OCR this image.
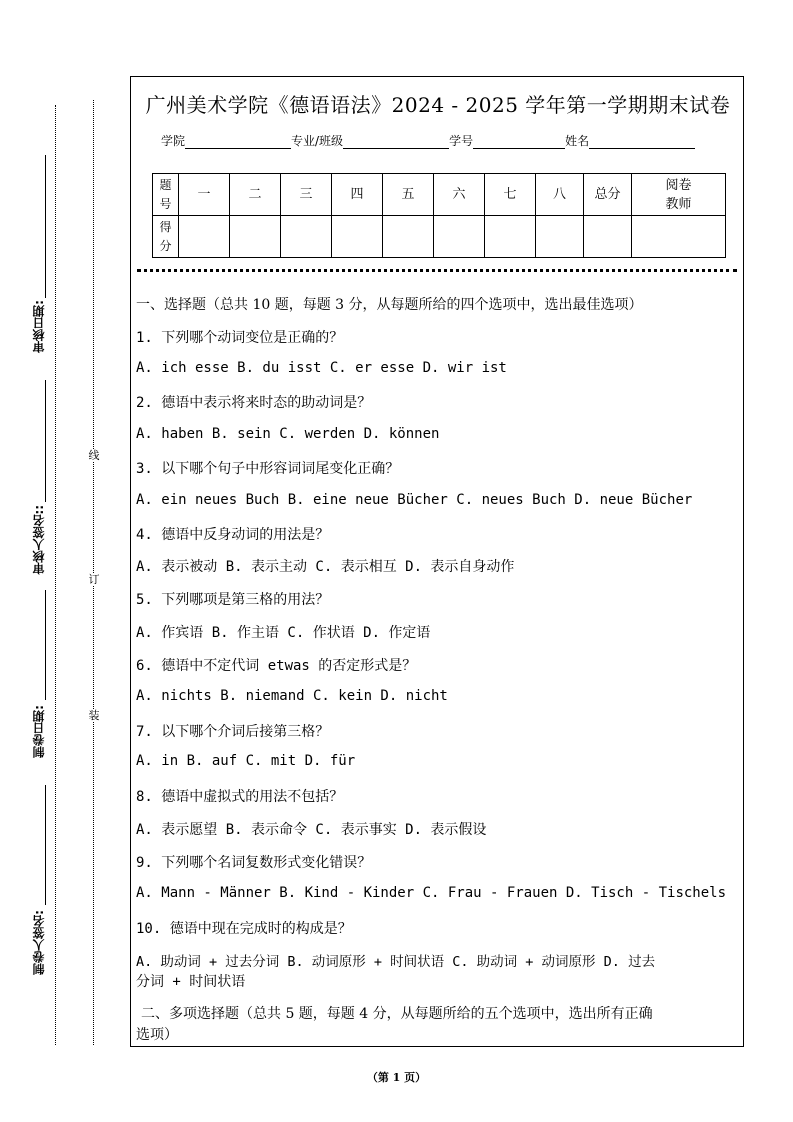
审核日期:
审核人签名::
制卷日期:
制卷人签名:
线
订
装
广州美术学院《德语语法》2024 - 2025 学年第一学期期末试卷
学院	专业/班级	学号	姓名
题号	一	二	三	四	五	六	七	八	总分	阅卷教师
得分										
一、选择题（总共 10 题，每题 3 分，从每题所给的四个选项中，选出最佳选项）
1. 下列哪个动词变位是正确的？
A. ich esse B. du isst C. er esse D. wir ist
2. 德语中表示将来时态的助动词是？
A. haben B. sein C. werden D. können
3. 以下哪个句子中形容词词尾变化正确？
A. ein neues Buch B. eine neue Bücher C. neues Buch D. neue Bücher
4. 德语中反身动词的用法是？
A. 表示被动 B. 表示主动 C. 表示相互 D. 表示自身动作
5. 下列哪项是第三格的用法？
A. 作宾语 B. 作主语 C. 作状语 D. 作定语
6. 德语中不定代词 etwas 的否定形式是？
A. nichts B. niemand C. kein D. nicht
7. 以下哪个介词后接第三格？
A. in B. auf C. mit D. für
8. 德语中虚拟式的用法不包括？
A. 表示愿望 B. 表示命令 C. 表示事实 D. 表示假设
9. 下列哪个名词复数形式变化错误？
A. Mann - Männer B. Kind - Kinder C. Frau - Frauen D. Tisch - Tischels
10. 德语中现在完成时的构成是？
A. 助动词 + 过去分词 B. 动词原形 + 时间状语 C. 助动词 + 动词原形 D. 过去
分词 + 时间状语
二、多项选择题（总共 5 题，每题 4 分，从每题所给的五个选项中，选出所有正确
选项）
（第 1 页）
